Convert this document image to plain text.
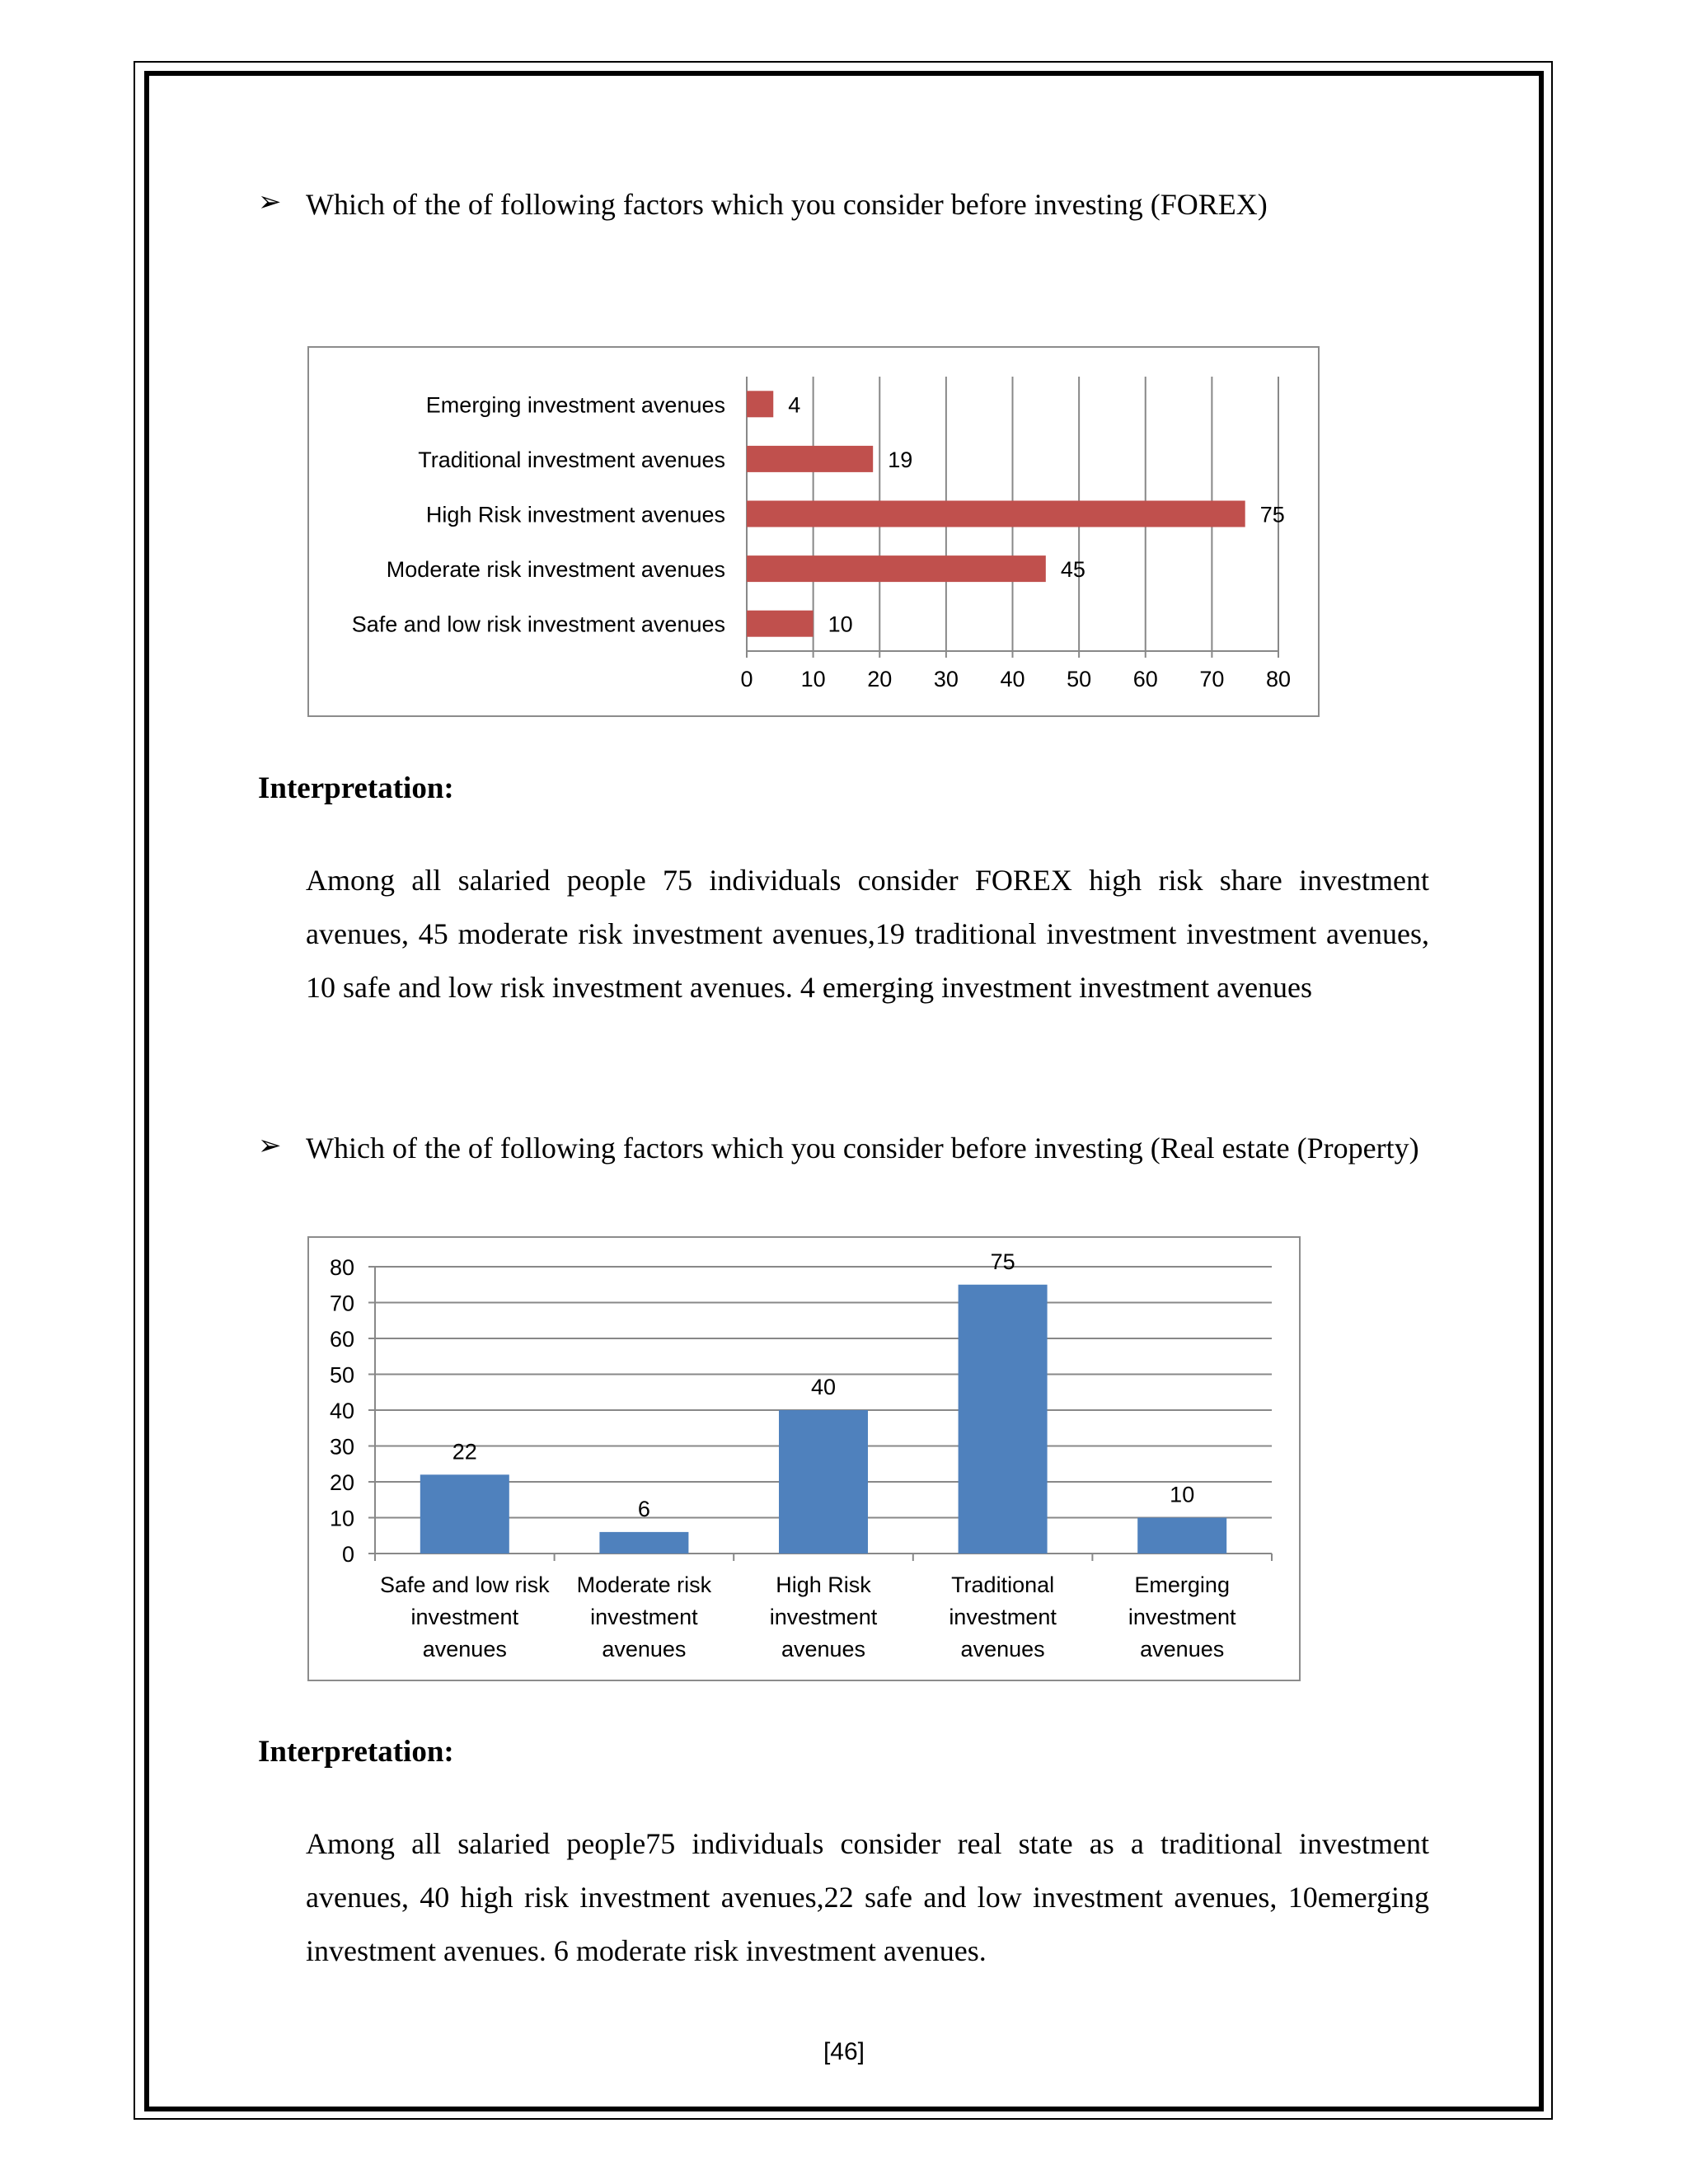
➢ Which of the of following factors which you consider before investing (FOREX)
0 10 20 30 40 50 60 70 80
Emerging investment avenues	4
Traditional investment avenues	19
High Risk investment avenues	75
Moderate risk investment avenues	45
Safe and low risk investment avenues	10
Interpretation:
Among all salaried people 75 individuals consider FOREX high risk share investment avenues, 45 moderate risk investment avenues,19 traditional investment investment avenues, 10 safe and low risk investment avenues. 4 emerging investment investment avenues
➢ Which of the of following factors which you consider before investing (Real estate (Property)
0
10
20
30
40
50
60
70
80
22
Safe and low risk
investment
avenues
6
Moderate risk
investment
avenues
40
High Risk
investment
avenues
75
Traditional
investment
avenues
10
Emerging
investment
avenues
Interpretation:
Among all salaried people75 individuals consider real state as a traditional investment avenues, 40 high risk investment avenues,22 safe and low investment avenues, 10emerging investment avenues. 6 moderate risk investment avenues.
[46]
